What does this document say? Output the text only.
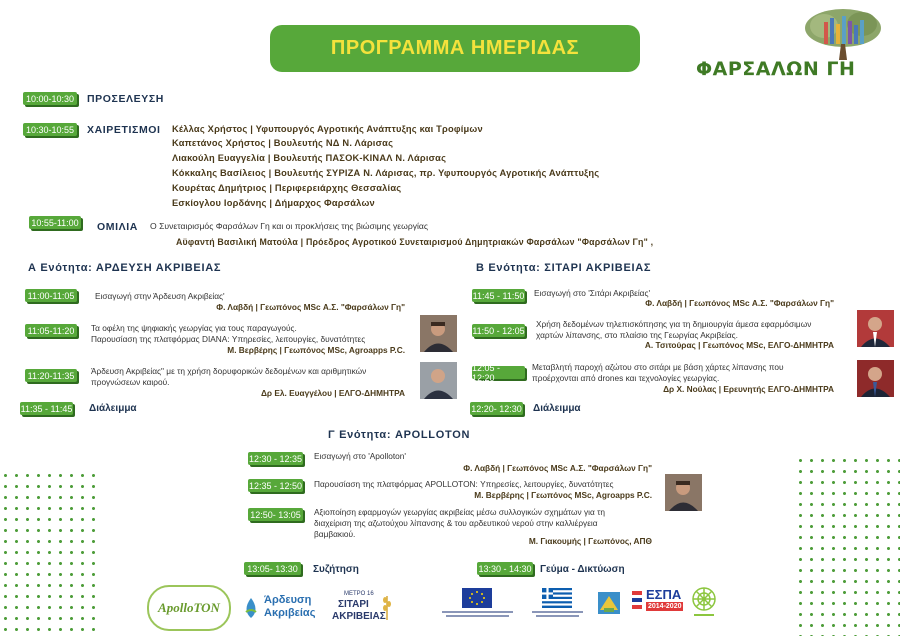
ΠΡΟΓΡΑΜΜΑ ΗΜΕΡΙΔΑΣ
ΦΑΡΣΑΛΩΝ ΓΗ
10:00-10:30 ΠΡΟΣΕΛΕΥΣΗ
10:30-10:55 ΧΑΙΡΕΤΙΣΜΟΙ Κέλλας Χρήστος | Υφυπουργός Αγροτικής Ανάπτυξης και Τροφίμων
Καπετάνος Χρήστος | Βουλευτής ΝΔ Ν. Λάρισας
Λιακούλη Ευαγγελία | Βουλευτής ΠΑΣΟΚ-ΚΙΝΑΛ Ν. Λάρισας
Κόκκαλης Βασίλειος | Βουλευτής ΣΥΡΙΖΑ Ν. Λάρισας, πρ. Υφυπουργός Αγροτικής Ανάπτυξης
Κουρέτας Δημήτριος | Περιφερειάρχης Θεσσαλίας
Εσκίογλου Ιορδάνης | Δήμαρχος Φαρσάλων
10:55-11:00 ΟΜΙΛΙΑ Ο Συνεταιρισμός Φαρσάλων Γη και οι προκλήσεις της βιώσιμης γεωργίας
Αϋφαντή Βασιλική Ματούλα | Πρόεδρος Αγροτικού Συνεταιρισμού Δημητριακών Φαρσάλων "Φαρσάλων Γη" ,
Α Ενότητα: ΑΡΔΕΥΣΗ ΑΚΡΙΒΕΙΑΣ
11:00-11:05	Εισαγωγή στην Άρδευση Ακριβείας'
Φ. Λαβδή | Γεωπόνος MSc Α.Σ. "Φαρσάλων Γη"
11:05-11:20	Τα οφέλη της ψηφιακής γεωργίας για τους παραγωγούς.
Παρουσίαση της πλατφόρμας DIANA: Υπηρεσίες, λειτουργίες, δυνατότητες
Μ. Βερβέρης | Γεωπόνος MSc, Agroapps P.C.
11:20-11:35	Άρδευση Ακριβείας" με τη χρήση δορυφορικών δεδομένων και αριθμητικών
προγνώσεων καιρού.
Δρ Ελ. Ευαγγέλου | ΕΛΓΟ-ΔΗΜΗΤΡΑ
11:35 - 11:45 Διάλειμμα
Β Ενότητα: ΣΙΤΑΡΙ ΑΚΡΙΒΕΙΑΣ
11:45 - 11:50 Εισαγωγή στο 'Σιτάρι Ακριβείας'
Φ. Λαβδή | Γεωπόνος MSc Α.Σ. "Φαρσάλων Γη"
11:50 - 12:05
Χρήση δεδομένων τηλεπισκόπησης για τη δημιουργία άμεσα εφαρμόσιμων
χαρτών λίπανσης, στο πλαίσιο της Γεωργίας Ακριβείας.
Α. Τσιτούρας | Γεωπόνος MSc, ΕΛΓΟ-ΔΗΜΗΤΡΑ
12:05 - 12:20
Μεταβλητή παροχή αζώτου στο σιτάρι με βάση χάρτες λίπανσης που
προέρχονται από drones και τεχνολογίες γεωργίας.
Δρ Χ. Νούλας | Ερευνητής ΕΛΓΟ-ΔΗΜΗΤΡΑ
12:20- 12:30 Διάλειμμα
Γ Ενότητα: APOLLOTON
12:30 - 12:35 Εισαγωγή στο 'Apolloton'
Φ. Λαβδή | Γεωπόνος MSc Α.Σ. "Φαρσάλων Γη"
12:35 - 12:50 Παρουσίαση της πλατφόρμας APOLLOTON: Υπηρεσίες, λειτουργίες, δυνατότητες
Μ. Βερβέρης | Γεωπόνος MSc, Agroapps P.C.
12:50- 13:05 Αξιοποίηση εφαρμογών γεωργίας ακριβείας μέσω συλλογικών σχημάτων για τη
διαχείριση της αζωτούχου λίπανσης & του αρδευτικού νερού στην καλλιέργεια
βαμβακιού.
Μ. Γιακουμής | Γεωπόνος, ΑΠΘ
13:05- 13:30	Συζήτηση	13:30 - 14:30 Γεύμα - Δικτύωση
ApolloTON	Άρδευση
Ακριβείας
ΜΕΤΡΟ 16
ΣΙΤΑΡΙ
ΑΚΡΙΒΕΙΑΣ
ΕΣΠΑ
2014-2020
